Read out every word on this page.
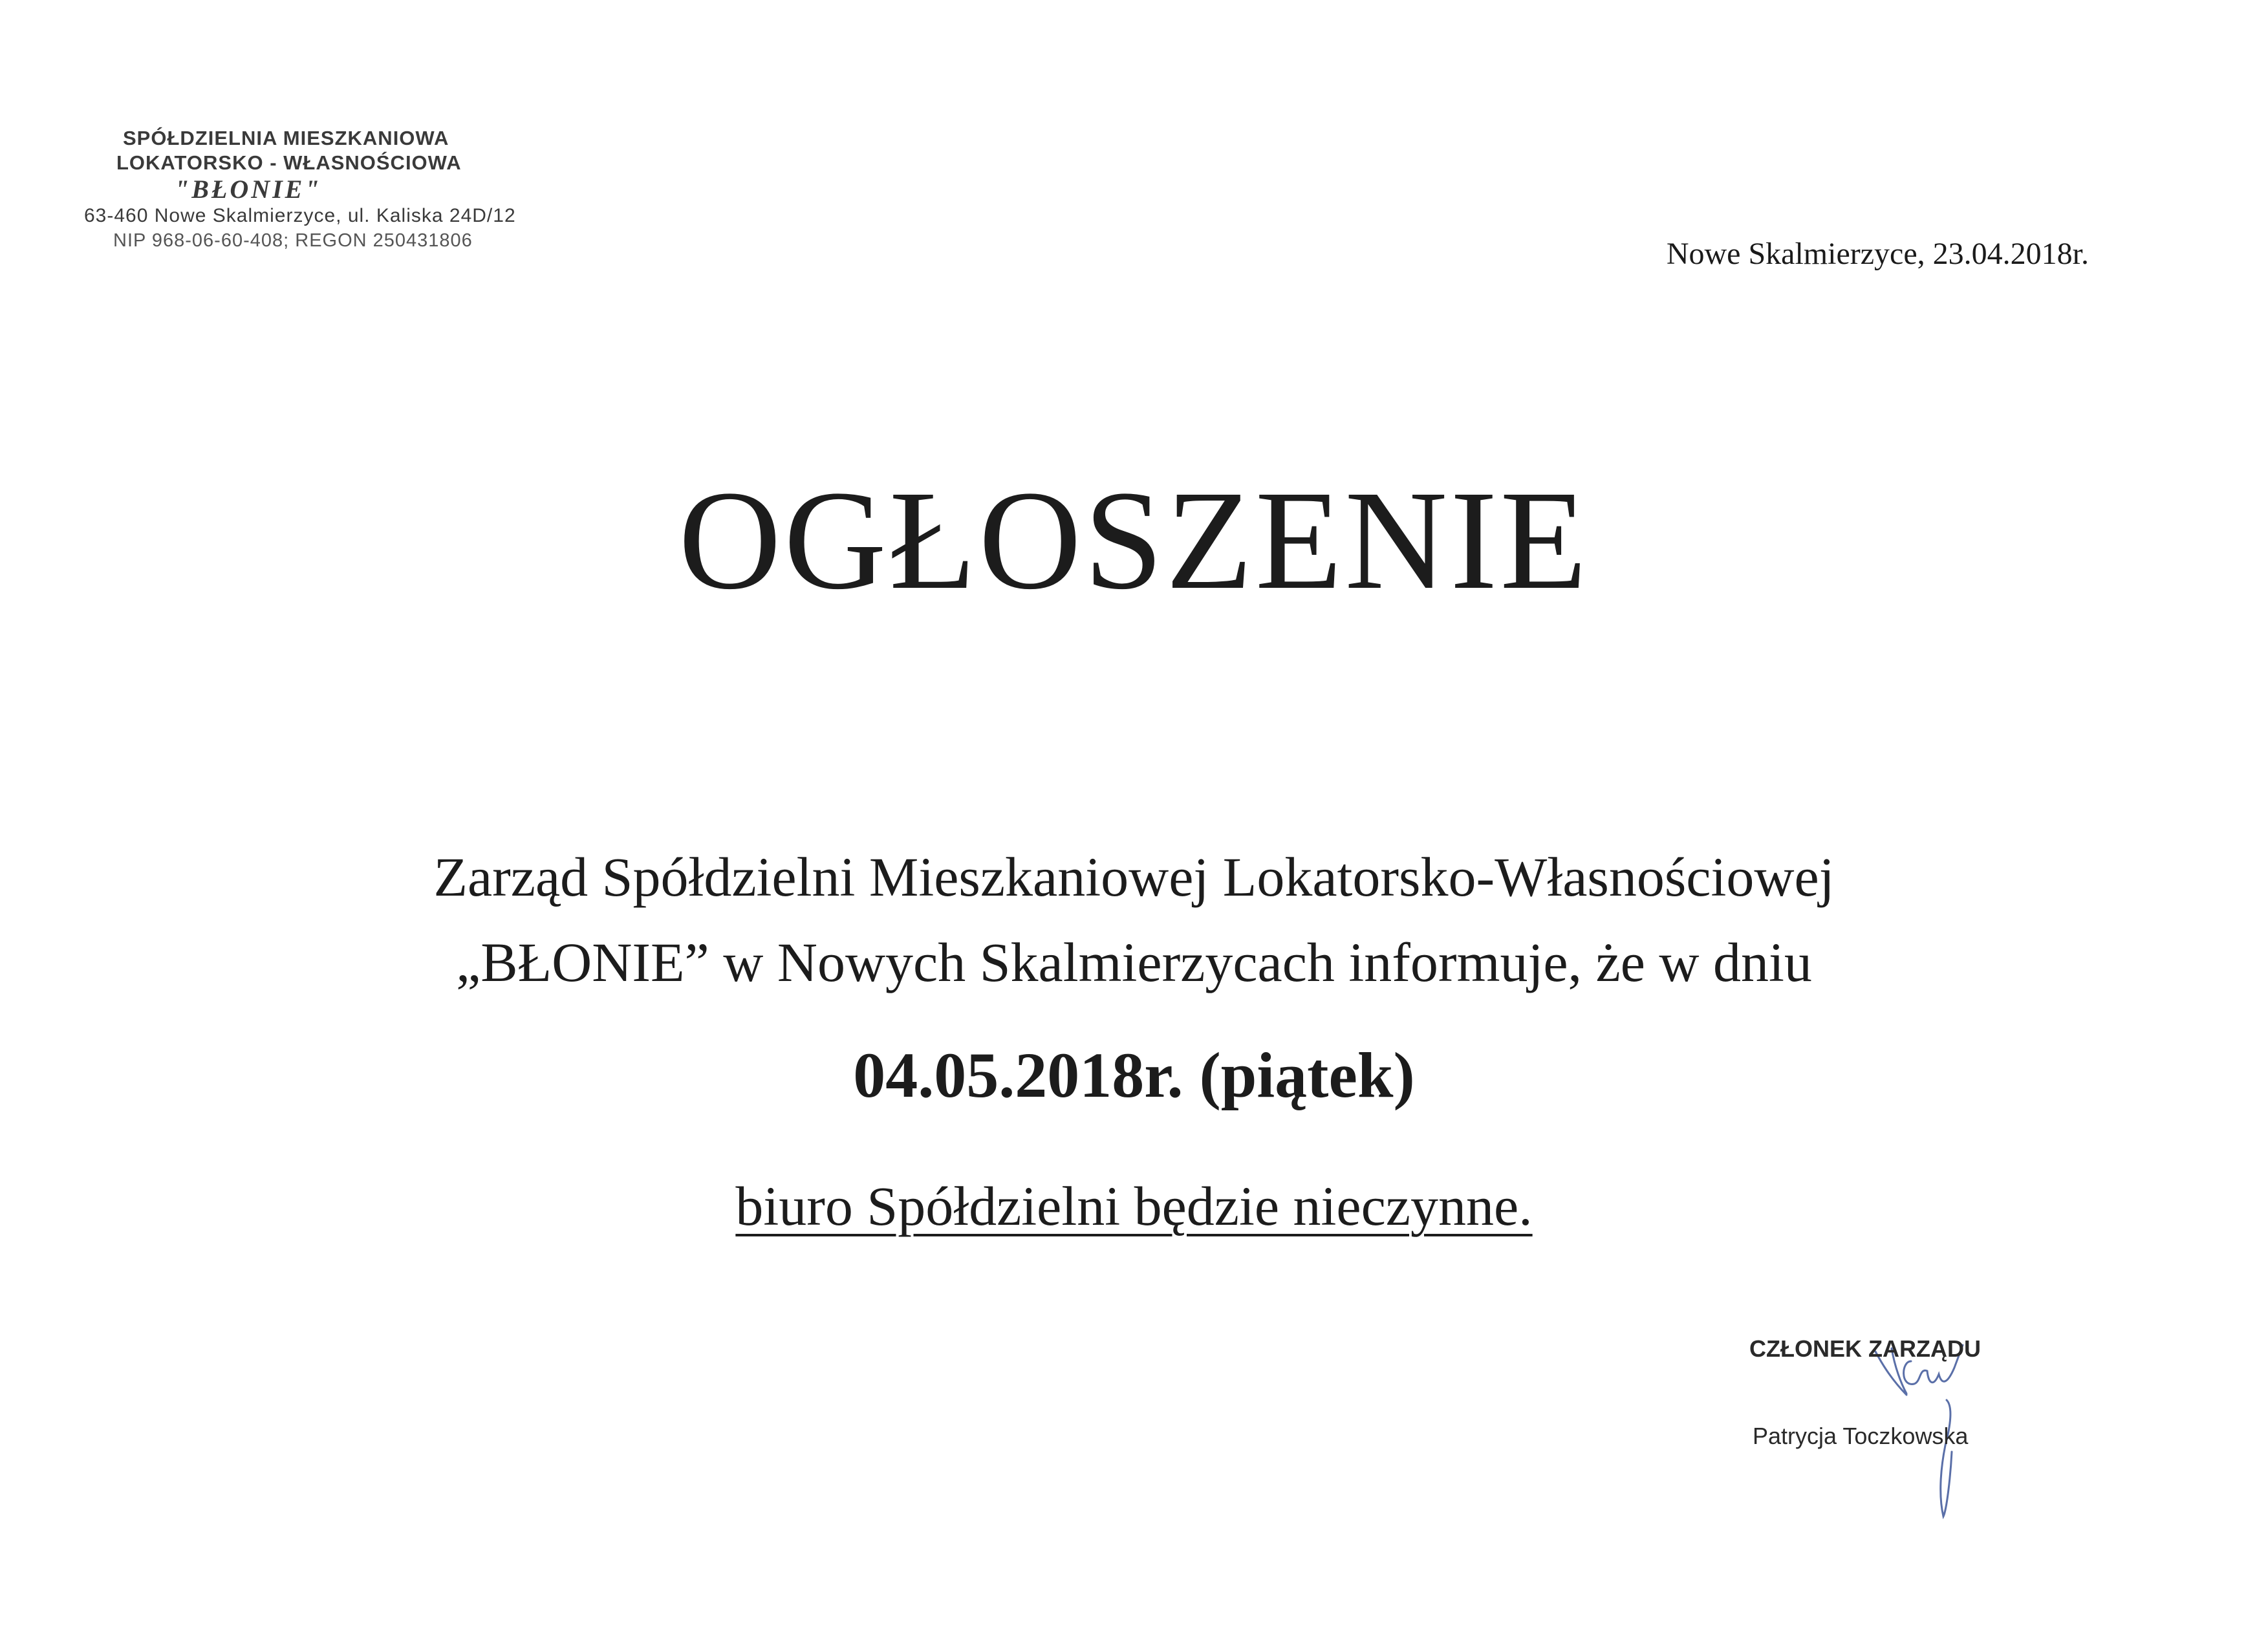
SPÓŁDZIELNIA MIESZKANIOWA
LOKATORSKO - WŁASNOŚCIOWA
"BŁONIE"
63-460 Nowe Skalmierzyce, ul. Kaliska 24D/12
NIP 968-06-60-408; REGON 250431806	Nowe Skalmierzyce, 23.04.2018r.
OGŁOSZENIE
Zarząd Spółdzielni Mieszkaniowej Lokatorsko-Własnościowej
„BŁONIE” w Nowych Skalmierzycach informuje, że w dniu
04.05.2018r. (piątek)
biuro Spółdzielni będzie nieczynne.
CZŁONEK ZARZĄDU
Patrycja Toczkowska
